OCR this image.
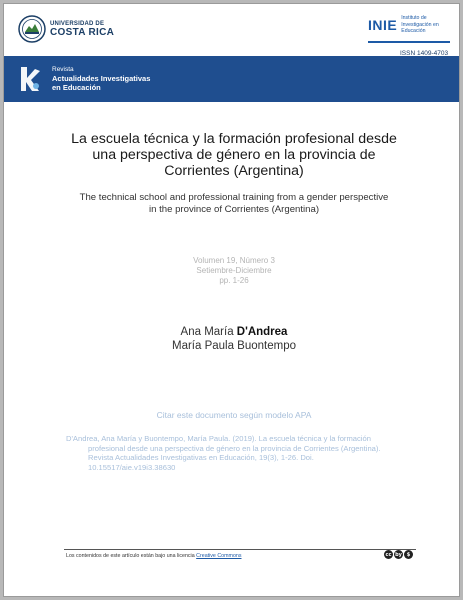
UNIVERSIDAD DE
COSTA RICA	INIE Instituto de Investigación en Educación
ISSN 1409-4703
Revista
Actualidades Investigativas
en Educación
La escuela técnica y la formación profesional desde
una perspectiva de género en la provincia de
Corrientes (Argentina)
The technical school and professional training from a gender perspective
in the province of Corrientes (Argentina)
Volumen 19, Número 3
Setiembre-Diciembre
pp. 1-26
Ana María D'Andrea
María Paula Buontempo
Citar este documento según modelo APA
D'Andrea, Ana María y Buontempo, María Paula. (2019). La escuela técnica y la formación
profesional desde una perspectiva de género en la provincia de Corrientes (Argentina).
Revista Actualidades Investigativas en Educación, 19(3), 1-26. Doi.
10.15517/aie.v19i3.38630
Los contenidos de este artículo están bajo una licencia Creative Commons	cc by $
